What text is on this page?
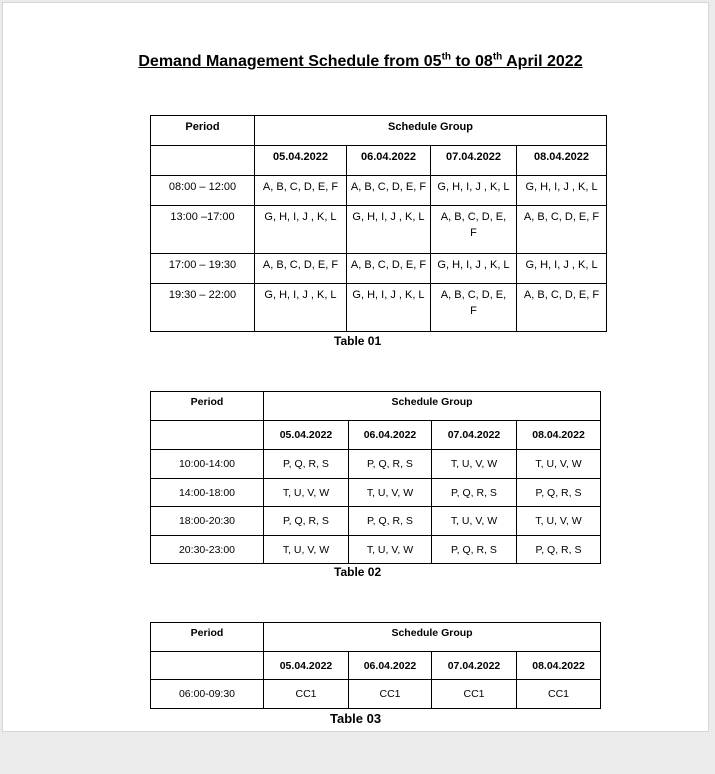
Demand Management Schedule from 05th to 08th April 2022
Period	Schedule Group			
	05.04.2022	06.04.2022	07.04.2022	08.04.2022
08:00 – 12:00	A, B, C, D, E, F	A, B, C, D, E, F	G, H, I, J , K, L	G, H, I, J , K, L
13:00 –17:00	G, H, I, J , K, L	G, H, I, J , K, L	A, B, C, D, E, F	A, B, C, D, E, F
17:00 – 19:30	A, B, C, D, E, F	A, B, C, D, E, F	G, H, I, J , K, L	G, H, I, J , K, L
19:30 – 22:00	G, H, I, J , K, L	G, H, I, J , K, L	A, B, C, D, E, F	A, B, C, D, E, F
Table 01
Period	Schedule Group			
	05.04.2022	06.04.2022	07.04.2022	08.04.2022
10:00-14:00	P, Q, R, S	P, Q, R, S	T, U, V, W	T, U, V, W
14:00-18:00	T, U, V, W	T, U, V, W	P, Q, R, S	P, Q, R, S
18:00-20:30	P, Q, R, S	P, Q, R, S	T, U, V, W	T, U, V, W
20:30-23:00	T, U, V, W	T, U, V, W	P, Q, R, S	P, Q, R, S
Table 02
Period	Schedule Group			
	05.04.2022	06.04.2022	07.04.2022	08.04.2022
06:00-09:30	CC1	CC1	CC1	CC1
Table 03
